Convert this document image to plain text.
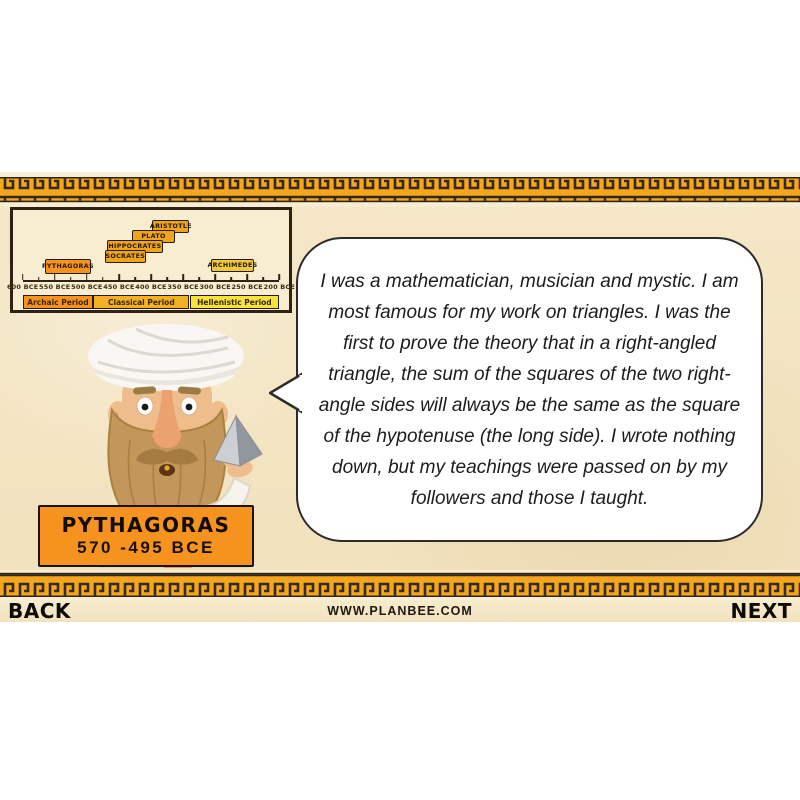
600 BCE 550 BCE 500 BCE 450 BCE 400 BCE 350 BCE 300 BCE 250 BCE 200 BCE
Archaic Period	Classical Period	Hellenistic Period
ARISTOTLE
PLATO
HIPPOCRATES
SOCRATES
PYTHAGORAS	ARCHIMEDES
PYTHAGORAS
570 -495 BCE
I was a mathematician, musician and mystic. I am most famous for my work on triangles. I was the first to prove the theory that in a right-angled triangle, the sum of the squares of the two right-angle sides will always be the same as the square of the hypotenuse (the long side). I wrote nothing down, but my teachings were passed on by my followers and those I taught.
BACK	WWW.PLANBEE.COM	NEXT
